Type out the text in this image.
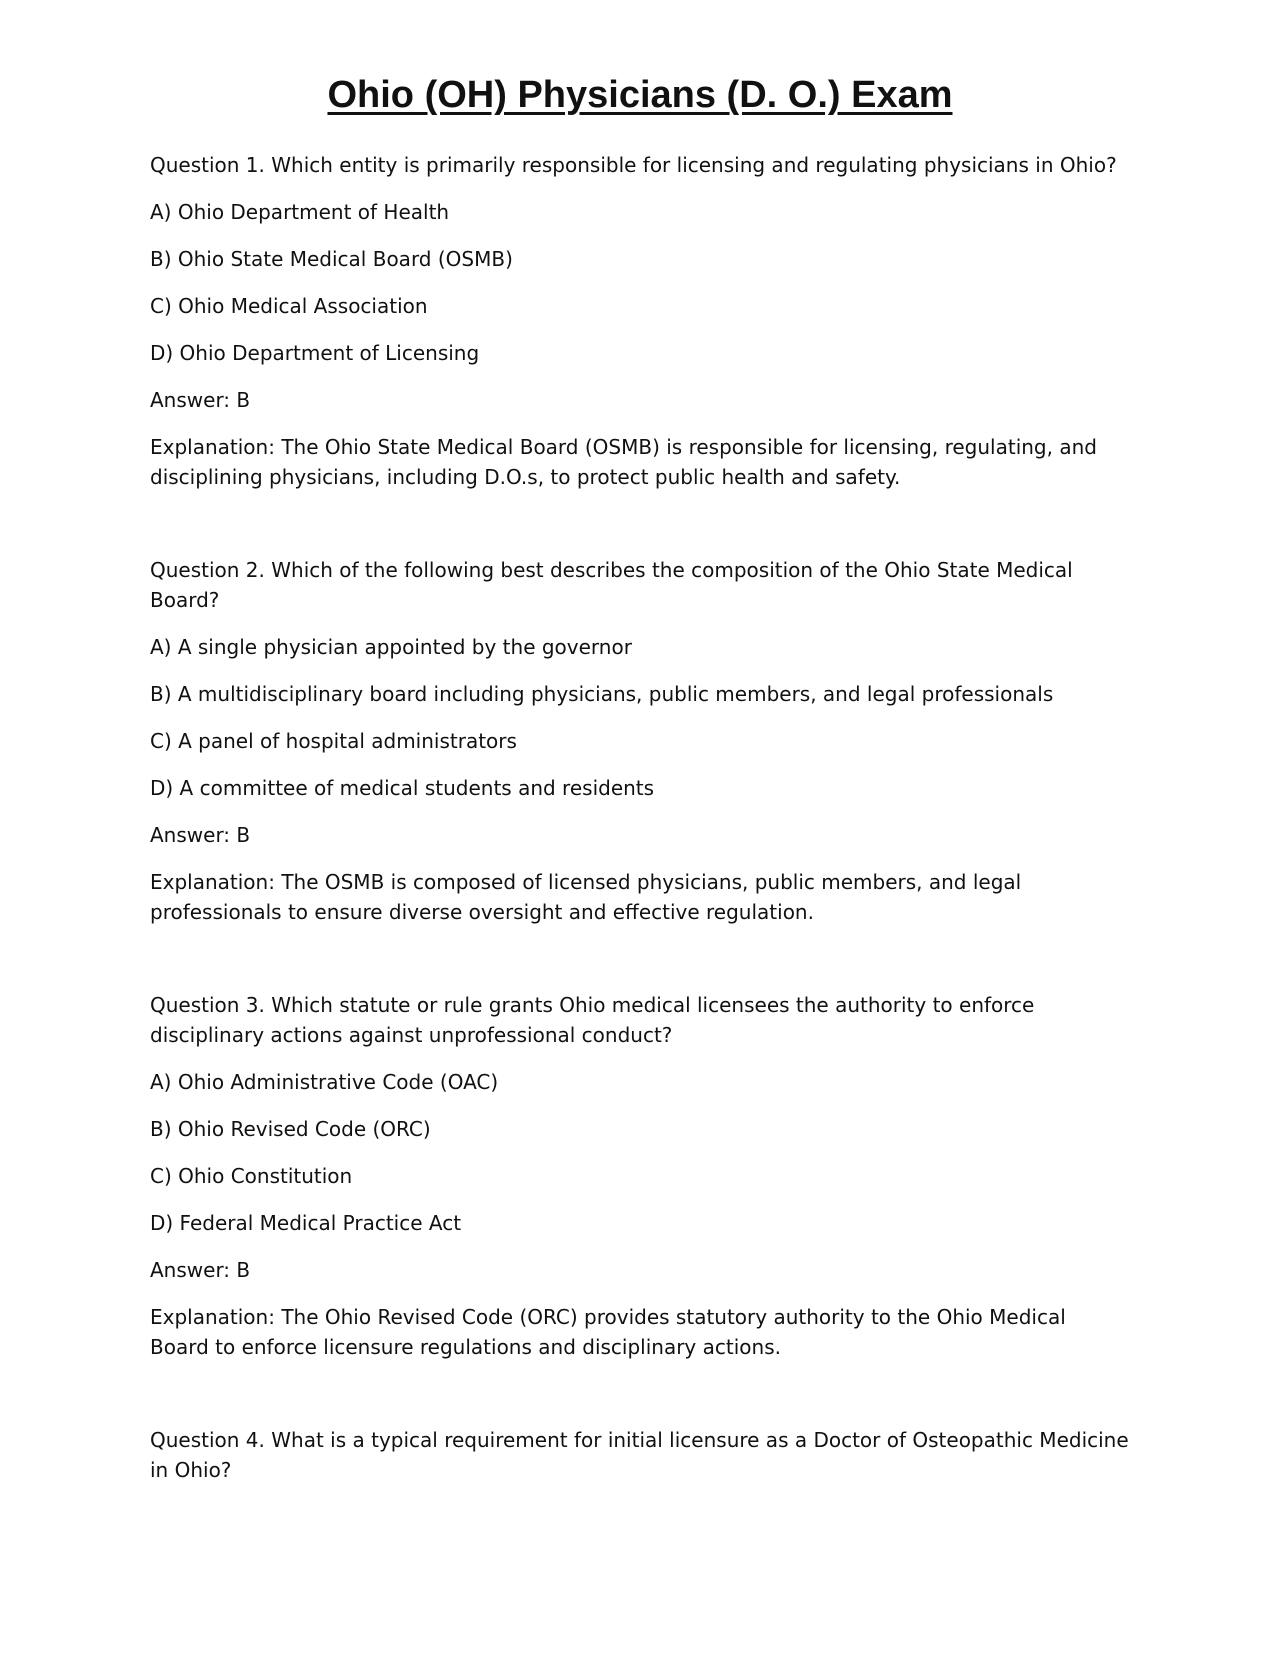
Ohio (OH) Physicians (D. O.) Exam

Question 1. Which entity is primarily responsible for licensing and regulating physicians in Ohio?

A) Ohio Department of Health

B) Ohio State Medical Board (OSMB)

C) Ohio Medical Association

D) Ohio Department of Licensing

Answer: B

Explanation: The Ohio State Medical Board (OSMB) is responsible for licensing, regulating, and disciplining physicians, including D.O.s, to protect public health and safety.

Question 2. Which of the following best describes the composition of the Ohio State Medical Board?

A) A single physician appointed by the governor

B) A multidisciplinary board including physicians, public members, and legal professionals

C) A panel of hospital administrators

D) A committee of medical students and residents

Answer: B

Explanation: The OSMB is composed of licensed physicians, public members, and legal professionals to ensure diverse oversight and effective regulation.

Question 3. Which statute or rule grants Ohio medical licensees the authority to enforce disciplinary actions against unprofessional conduct?

A) Ohio Administrative Code (OAC)

B) Ohio Revised Code (ORC)

C) Ohio Constitution

D) Federal Medical Practice Act

Answer: B

Explanation: The Ohio Revised Code (ORC) provides statutory authority to the Ohio Medical Board to enforce licensure regulations and disciplinary actions.

Question 4. What is a typical requirement for initial licensure as a Doctor of Osteopathic Medicine in Ohio?
